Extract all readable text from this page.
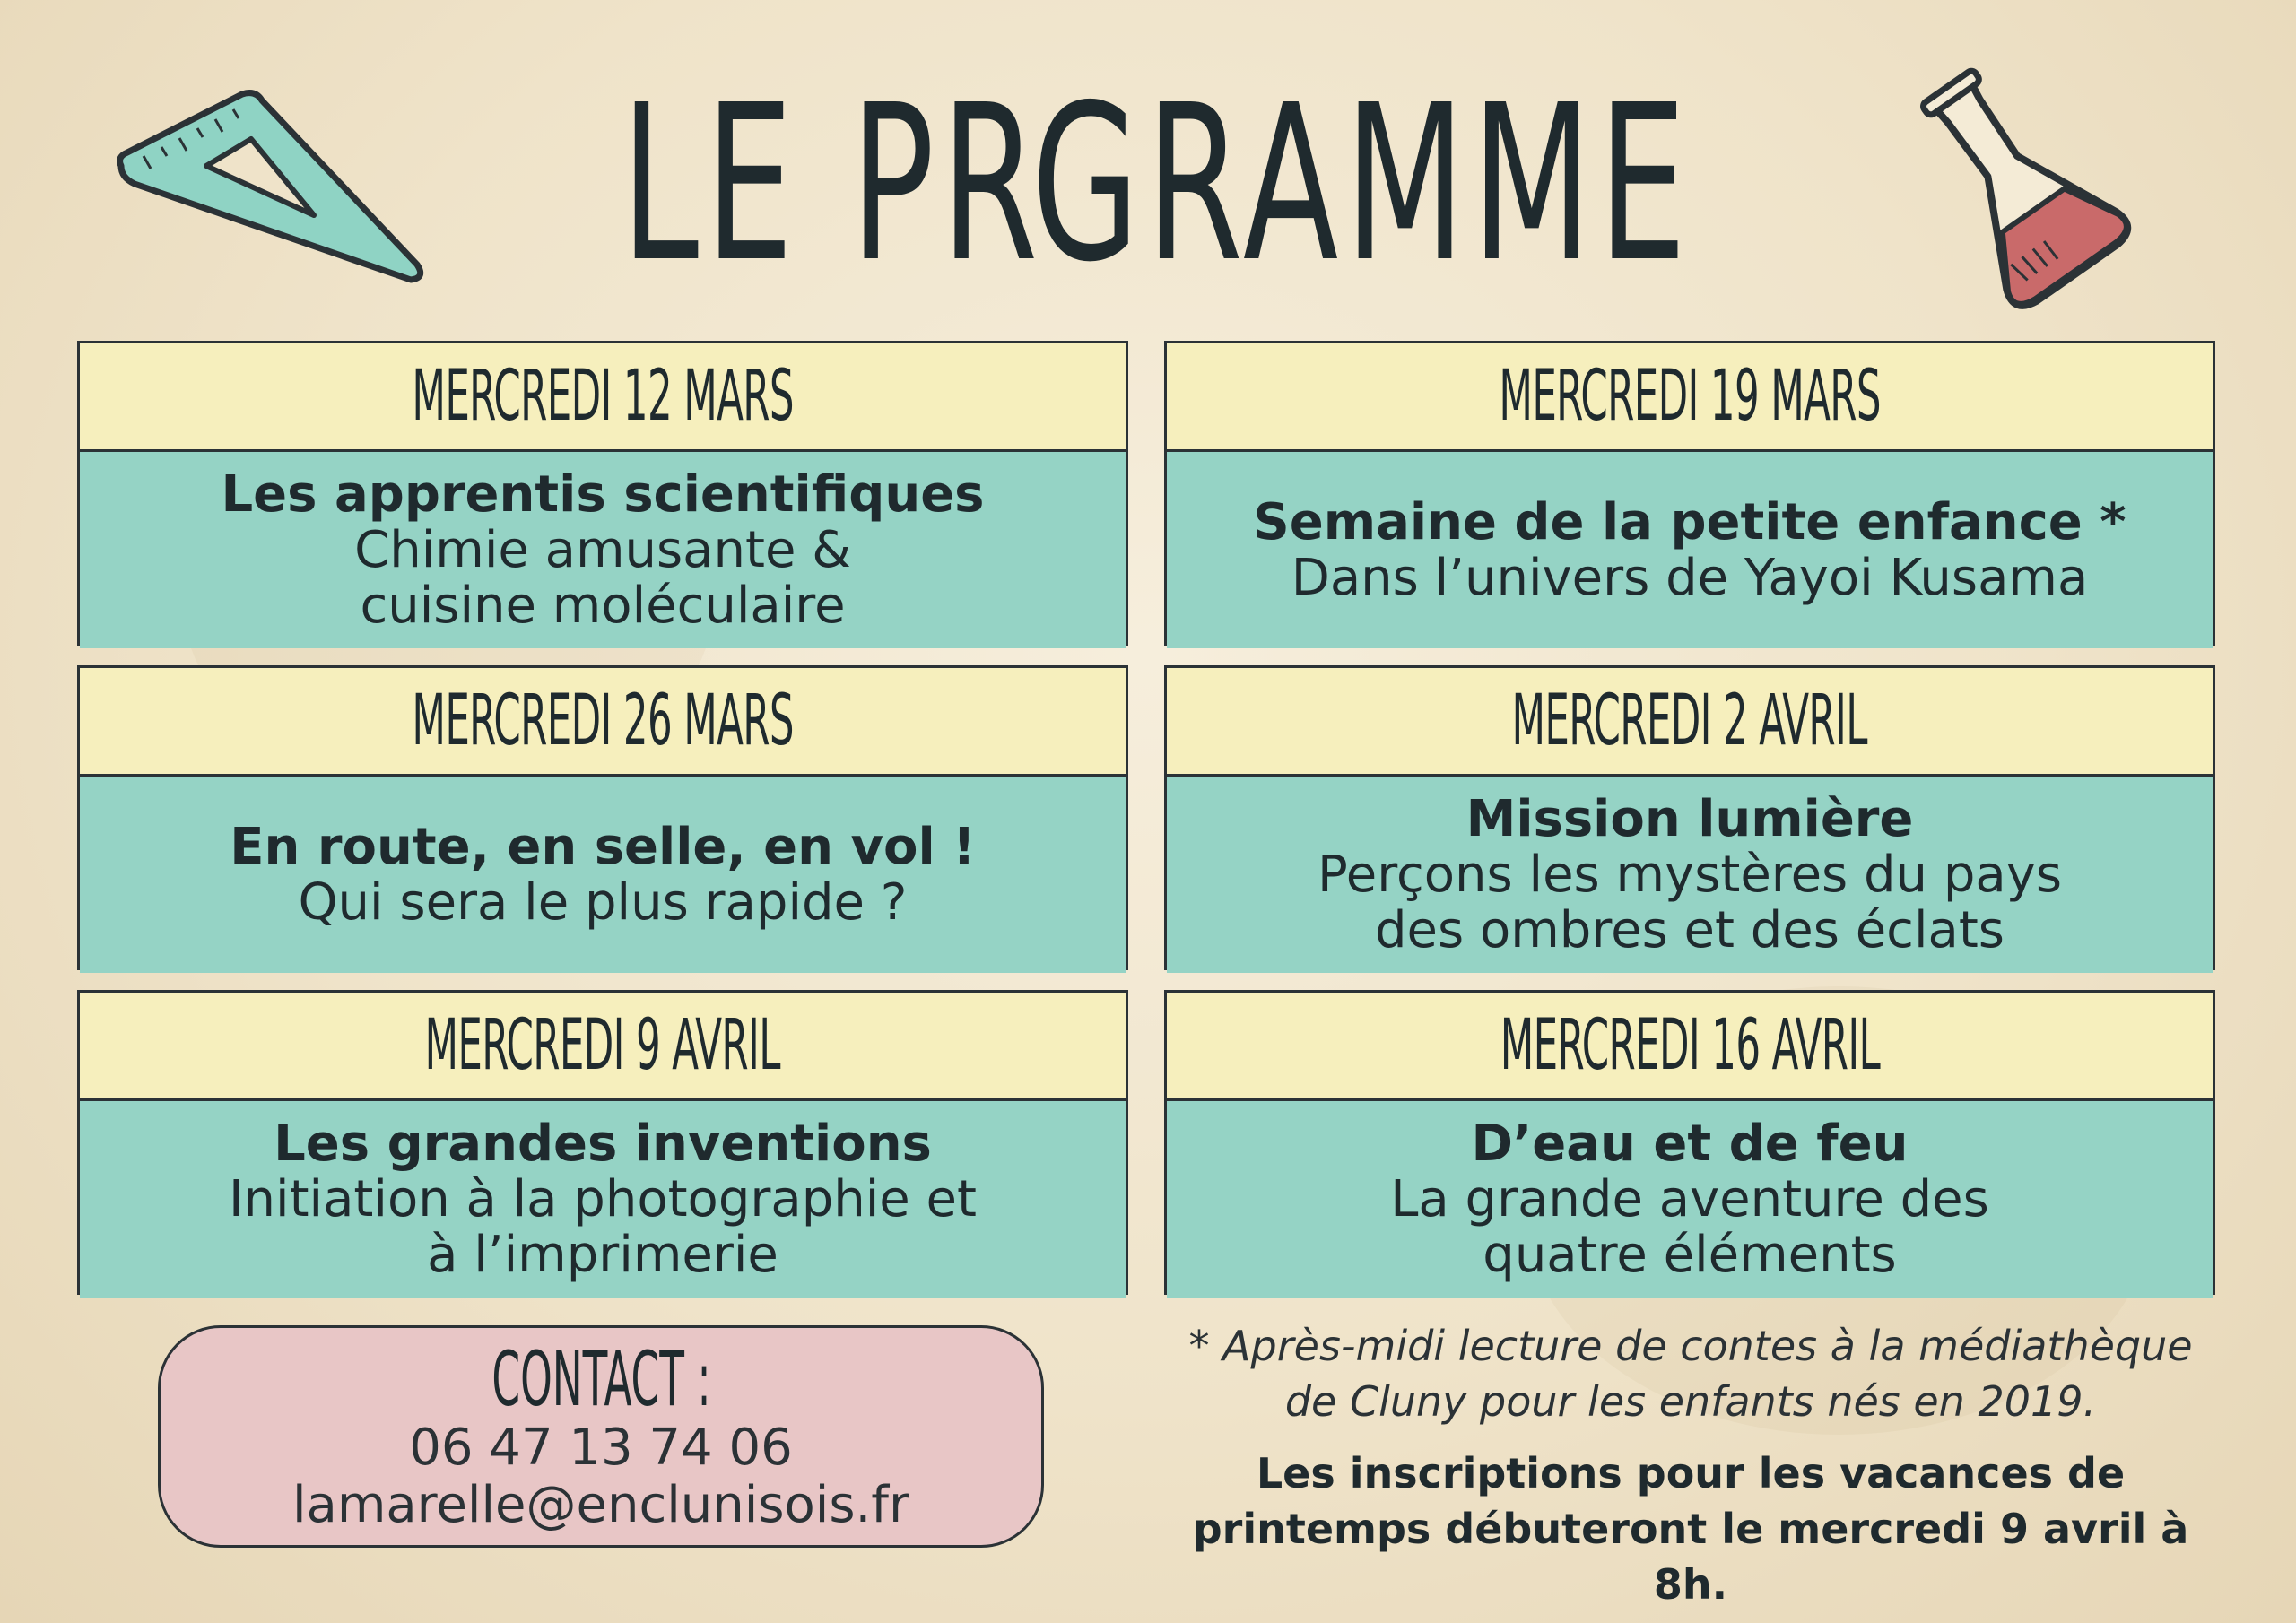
LE PR
GRAMME
MERCREDI 12 MARS
Les apprentis scientifiques
Chimie amusante &
cuisine moléculaire
MERCREDI 19 MARS
Semaine de la petite enfance *
Dans l’univers de Yayoi Kusama
MERCREDI 26 MARS
En route, en selle, en vol !
Qui sera le plus rapide ?
MERCREDI 2 AVRIL
Mission lumière
Perçons les mystères du pays
des ombres et des éclats
MERCREDI 9 AVRIL
Les grandes inventions
Initiation à la photographie et
à l’imprimerie
MERCREDI 16 AVRIL
D’eau et de feu
La grande aventure des
quatre éléments
CONTACT :
06 47 13 74 06
lamarelle@enclunisois.fr
* Après-midi lecture de contes à la médiathèque
de Cluny pour les enfants nés en 2019.
Les inscriptions pour les vacances de
printemps débuteront le mercredi 9 avril à 8h.
